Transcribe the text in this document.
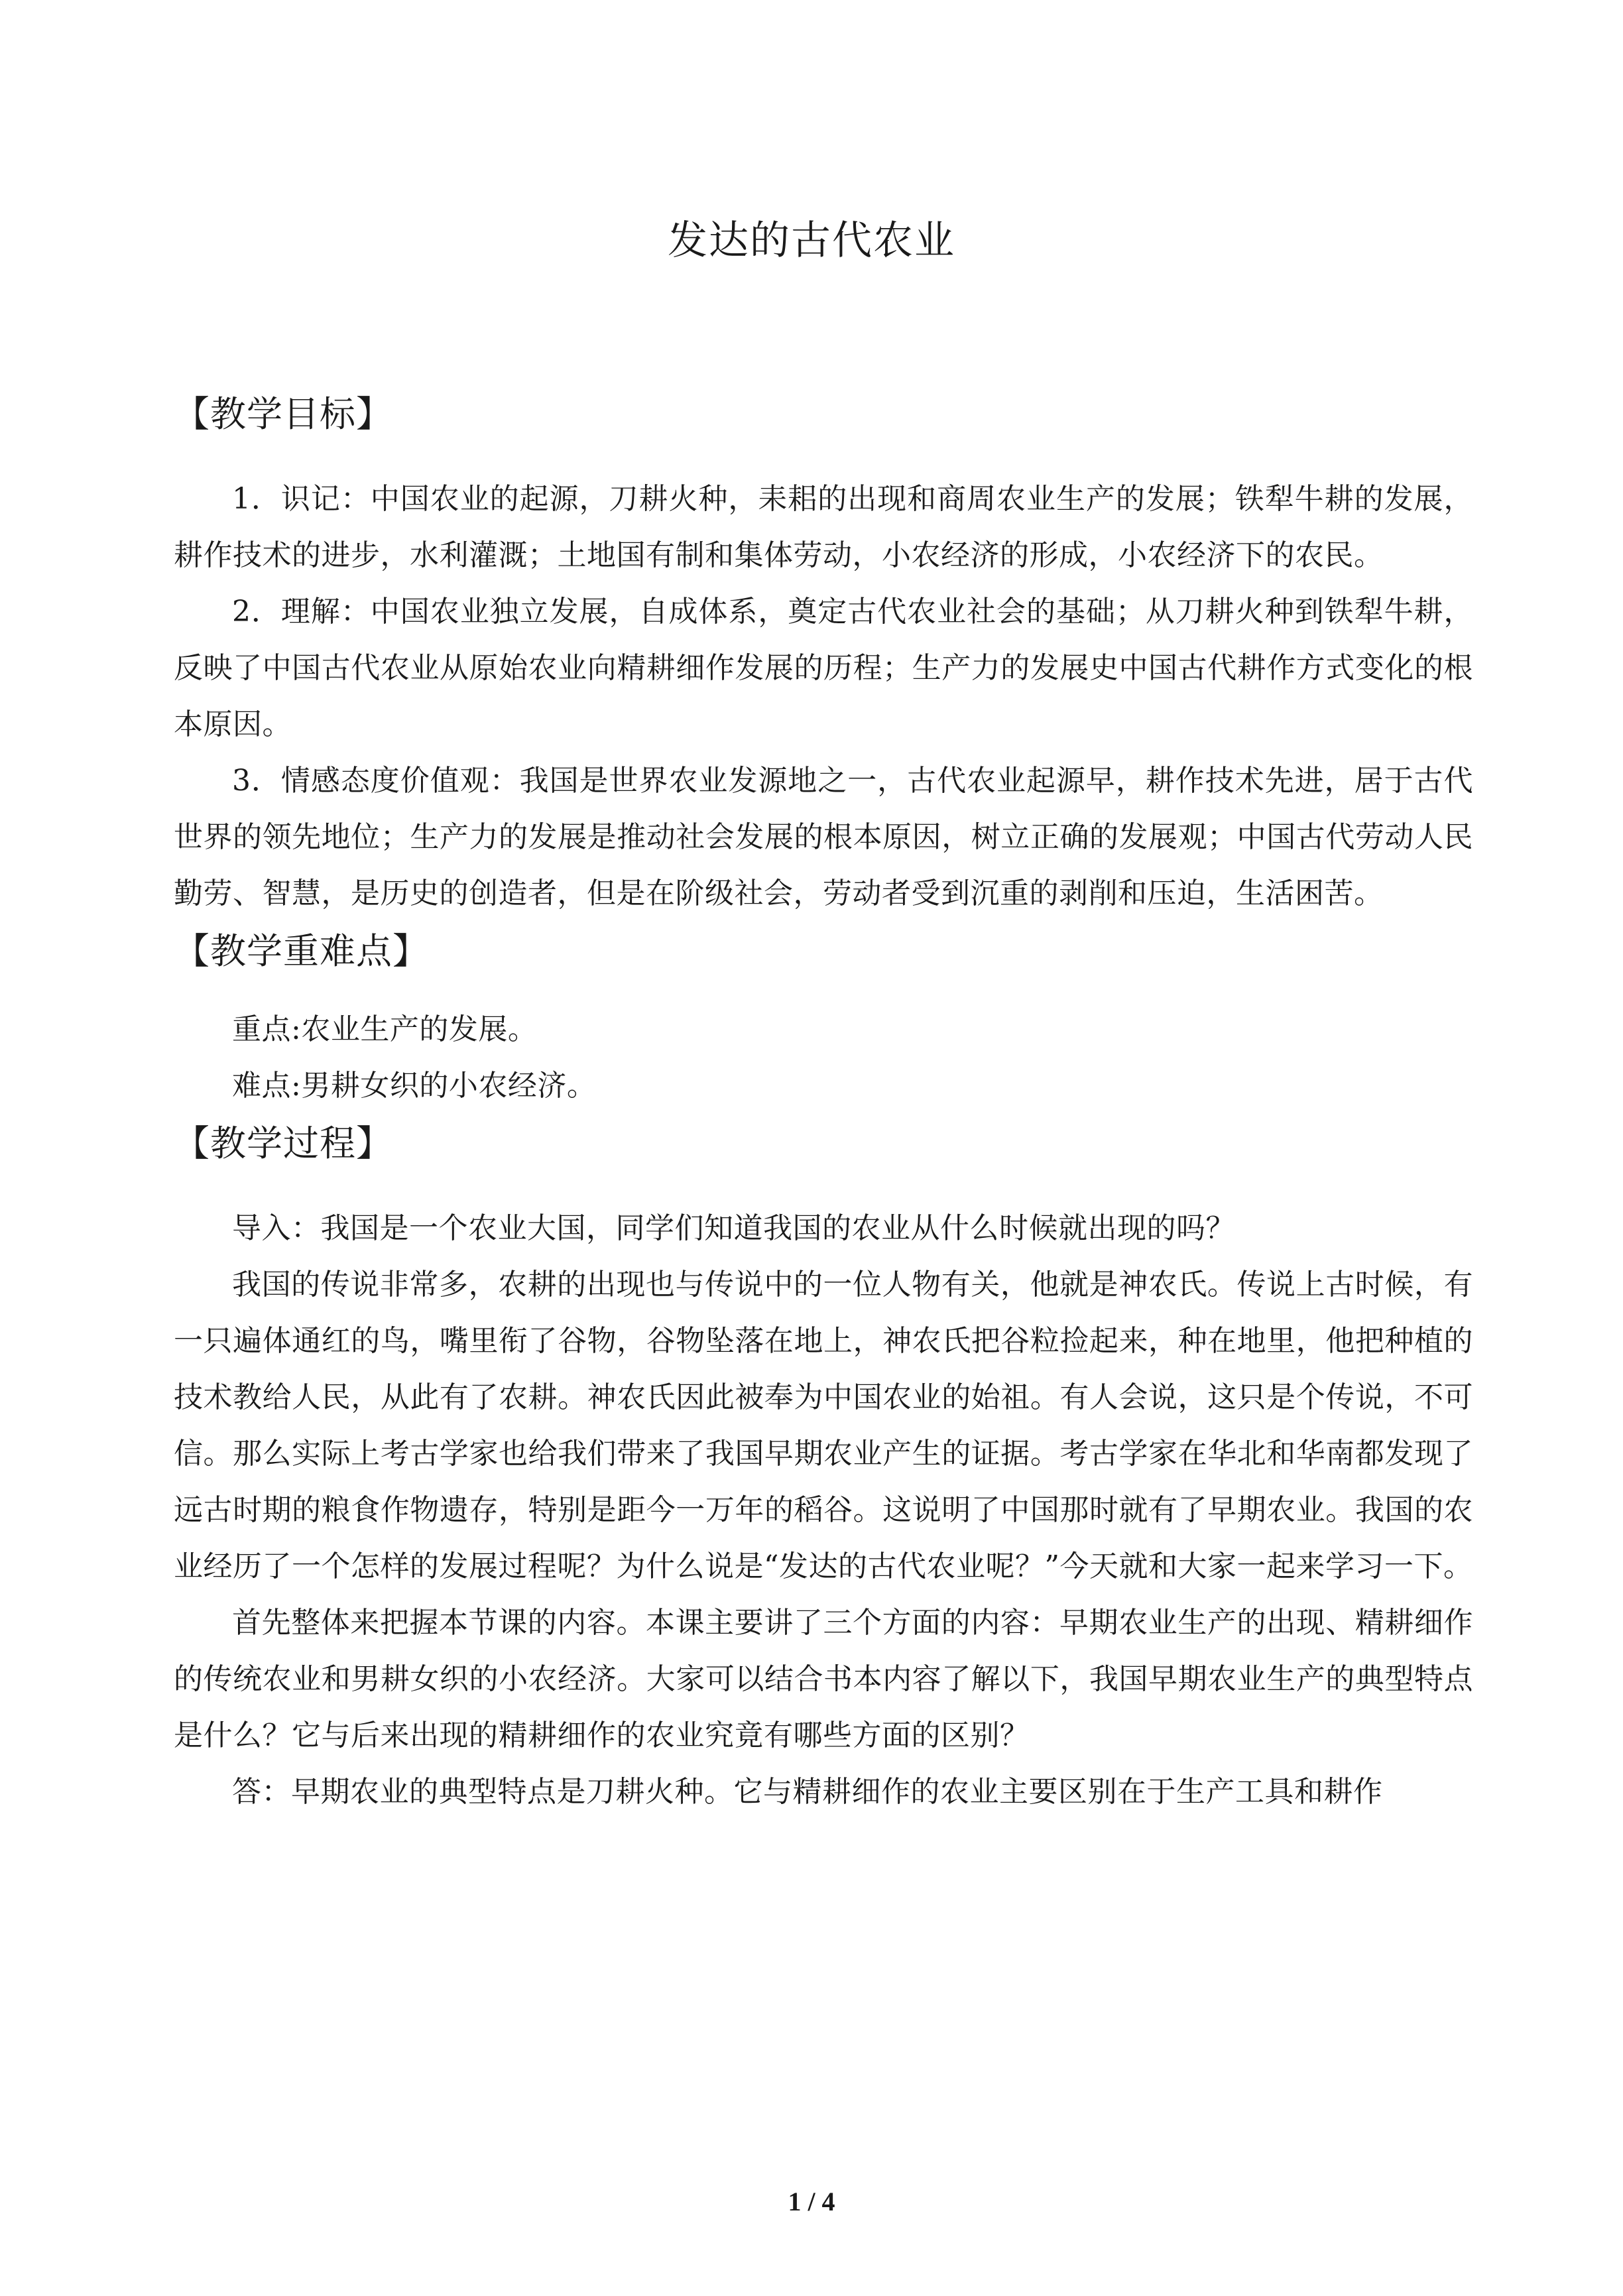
发达的古代农业
【教学目标】

1．识记：中国农业的起源，刀耕火种，耒耜的出现和商周农业生产的发展；铁犁牛耕的发展，耕作技术的进步，水利灌溉；土地国有制和集体劳动，小农经济的形成，小农经济下的农民。

2．理解：中国农业独立发展，自成体系，奠定古代农业社会的基础；从刀耕火种到铁犁牛耕，反映了中国古代农业从原始农业向精耕细作发展的历程；生产力的发展史中国古代耕作方式变化的根本原因。

3．情感态度价值观：我国是世界农业发源地之一，古代农业起源早，耕作技术先进，居于古代世界的领先地位；生产力的发展是推动社会发展的根本原因，树立正确的发展观；中国古代劳动人民勤劳、智慧，是历史的创造者，但是在阶级社会，劳动者受到沉重的剥削和压迫，生活困苦。

【教学重难点】

重点:农业生产的发展。

难点:男耕女织的小农经济。

【教学过程】

导入：我国是一个农业大国，同学们知道我国的农业从什么时候就出现的吗？

我国的传说非常多，农耕的出现也与传说中的一位人物有关，他就是神农氏。传说上古时候，有一只遍体通红的鸟，嘴里衔了谷物，谷物坠落在地上，神农氏把谷粒捡起来，种在地里，他把种植的技术教给人民，从此有了农耕。神农氏因此被奉为中国农业的始祖。有人会说，这只是个传说，不可信。那么实际上考古学家也给我们带来了我国早期农业产生的证据。考古学家在华北和华南都发现了远古时期的粮食作物遗存，特别是距今一万年的稻谷。这说明了中国那时就有了早期农业。我国的农业经历了一个怎样的发展过程呢？为什么说是“发达的古代农业呢？”今天就和大家一起来学习一下。

首先整体来把握本节课的内容。本课主要讲了三个方面的内容：早期农业生产的出现、精耕细作的传统农业和男耕女织的小农经济。大家可以结合书本内容了解以下，我国早期农业生产的典型特点是什么？它与后来出现的精耕细作的农业究竟有哪些方面的区别？

答：早期农业的典型特点是刀耕火种。它与精耕细作的农业主要区别在于生产工具和耕作

1 / 4
